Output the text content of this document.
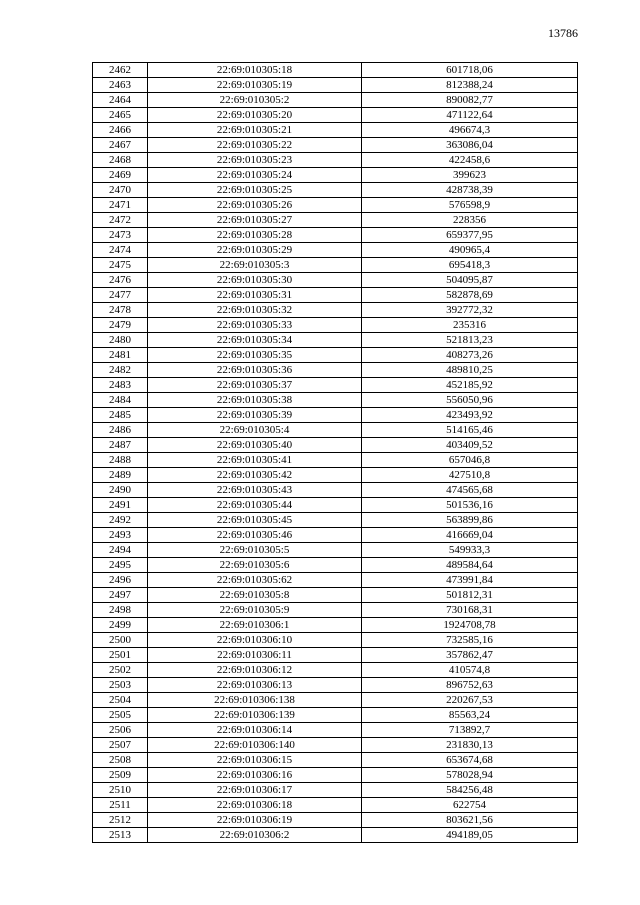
13786
2462	22:69:010305:18	601718,06
2463	22:69:010305:19	812388,24
2464	22:69:010305:2	890082,77
2465	22:69:010305:20	471122,64
2466	22:69:010305:21	496674,3
2467	22:69:010305:22	363086,04
2468	22:69:010305:23	422458,6
2469	22:69:010305:24	399623
2470	22:69:010305:25	428738,39
2471	22:69:010305:26	576598,9
2472	22:69:010305:27	228356
2473	22:69:010305:28	659377,95
2474	22:69:010305:29	490965,4
2475	22:69:010305:3	695418,3
2476	22:69:010305:30	504095,87
2477	22:69:010305:31	582878,69
2478	22:69:010305:32	392772,32
2479	22:69:010305:33	235316
2480	22:69:010305:34	521813,23
2481	22:69:010305:35	408273,26
2482	22:69:010305:36	489810,25
2483	22:69:010305:37	452185,92
2484	22:69:010305:38	556050,96
2485	22:69:010305:39	423493,92
2486	22:69:010305:4	514165,46
2487	22:69:010305:40	403409,52
2488	22:69:010305:41	657046,8
2489	22:69:010305:42	427510,8
2490	22:69:010305:43	474565,68
2491	22:69:010305:44	501536,16
2492	22:69:010305:45	563899,86
2493	22:69:010305:46	416669,04
2494	22:69:010305:5	549933,3
2495	22:69:010305:6	489584,64
2496	22:69:010305:62	473991,84
2497	22:69:010305:8	501812,31
2498	22:69:010305:9	730168,31
2499	22:69:010306:1	1924708,78
2500	22:69:010306:10	732585,16
2501	22:69:010306:11	357862,47
2502	22:69:010306:12	410574,8
2503	22:69:010306:13	896752,63
2504	22:69:010306:138	220267,53
2505	22:69:010306:139	85563,24
2506	22:69:010306:14	713892,7
2507	22:69:010306:140	231830,13
2508	22:69:010306:15	653674,68
2509	22:69:010306:16	578028,94
2510	22:69:010306:17	584256,48
2511	22:69:010306:18	622754
2512	22:69:010306:19	803621,56
2513	22:69:010306:2	494189,05
